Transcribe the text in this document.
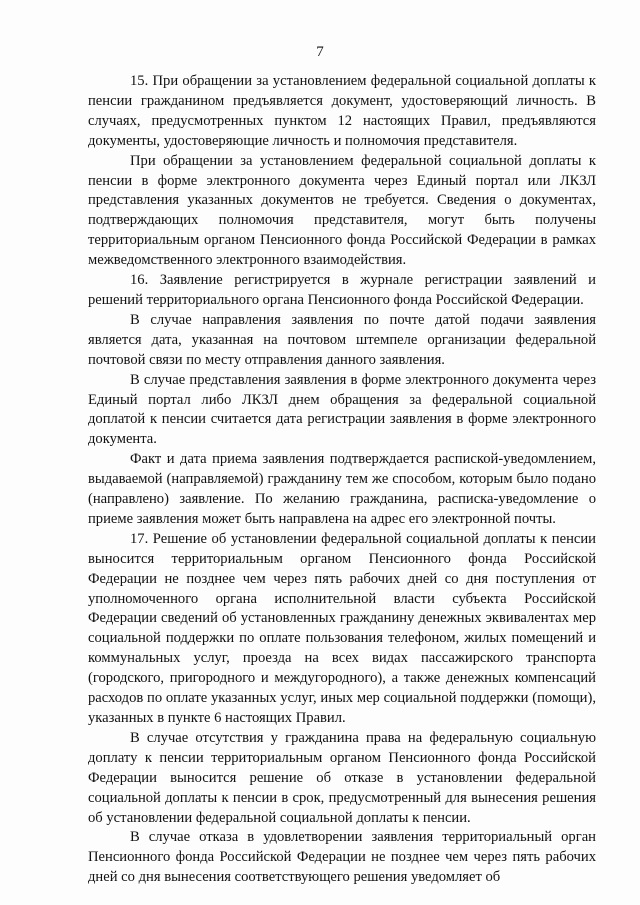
7

15. При обращении за установлением федеральной социальной доплаты к пенсии гражданином предъявляется документ, удостоверяющий личность. В случаях, предусмотренных пунктом 12 настоящих Правил, предъявляются документы, удостоверяющие личность и полномочия представителя.

При обращении за установлением федеральной социальной доплаты к пенсии в форме электронного документа через Единый портал или ЛКЗЛ представления указанных документов не требуется. Сведения о документах, подтверждающих полномочия представителя, могут быть получены территориальным органом Пенсионного фонда Российской Федерации в рамках межведомственного электронного взаимодействия.

16. Заявление регистрируется в журнале регистрации заявлений и решений территориального органа Пенсионного фонда Российской Федерации.

В случае направления заявления по почте датой подачи заявления является дата, указанная на почтовом штемпеле организации федеральной почтовой связи по месту отправления данного заявления.

В случае представления заявления в форме электронного документа через Единый портал либо ЛКЗЛ днем обращения за федеральной социальной доплатой к пенсии считается дата регистрации заявления в форме электронного документа.

Факт и дата приема заявления подтверждается распиской-уведомлением, выдаваемой (направляемой) гражданину тем же способом, которым было подано (направлено) заявление. По желанию гражданина, расписка-уведомление о приеме заявления может быть направлена на адрес его электронной почты.

17. Решение об установлении федеральной социальной доплаты к пенсии выносится территориальным органом Пенсионного фонда Российской Федерации не позднее чем через пять рабочих дней со дня поступления от уполномоченного органа исполнительной власти субъекта Российской Федерации сведений об установленных гражданину денежных эквивалентах мер социальной поддержки по оплате пользования телефоном, жилых помещений и коммунальных услуг, проезда на всех видах пассажирского транспорта (городского, пригородного и междугородного), а также денежных компенсаций расходов по оплате указанных услуг, иных мер социальной поддержки (помощи), указанных в пункте 6 настоящих Правил.

В случае отсутствия у гражданина права на федеральную социальную доплату к пенсии территориальным органом Пенсионного фонда Российской Федерации выносится решение об отказе в установлении федеральной социальной доплаты к пенсии в срок, предусмотренный для вынесения решения об установлении федеральной социальной доплаты к пенсии.

В случае отказа в удовлетворении заявления территориальный орган Пенсионного фонда Российской Федерации не позднее чем через пять рабочих дней со дня вынесения соответствующего решения уведомляет об
